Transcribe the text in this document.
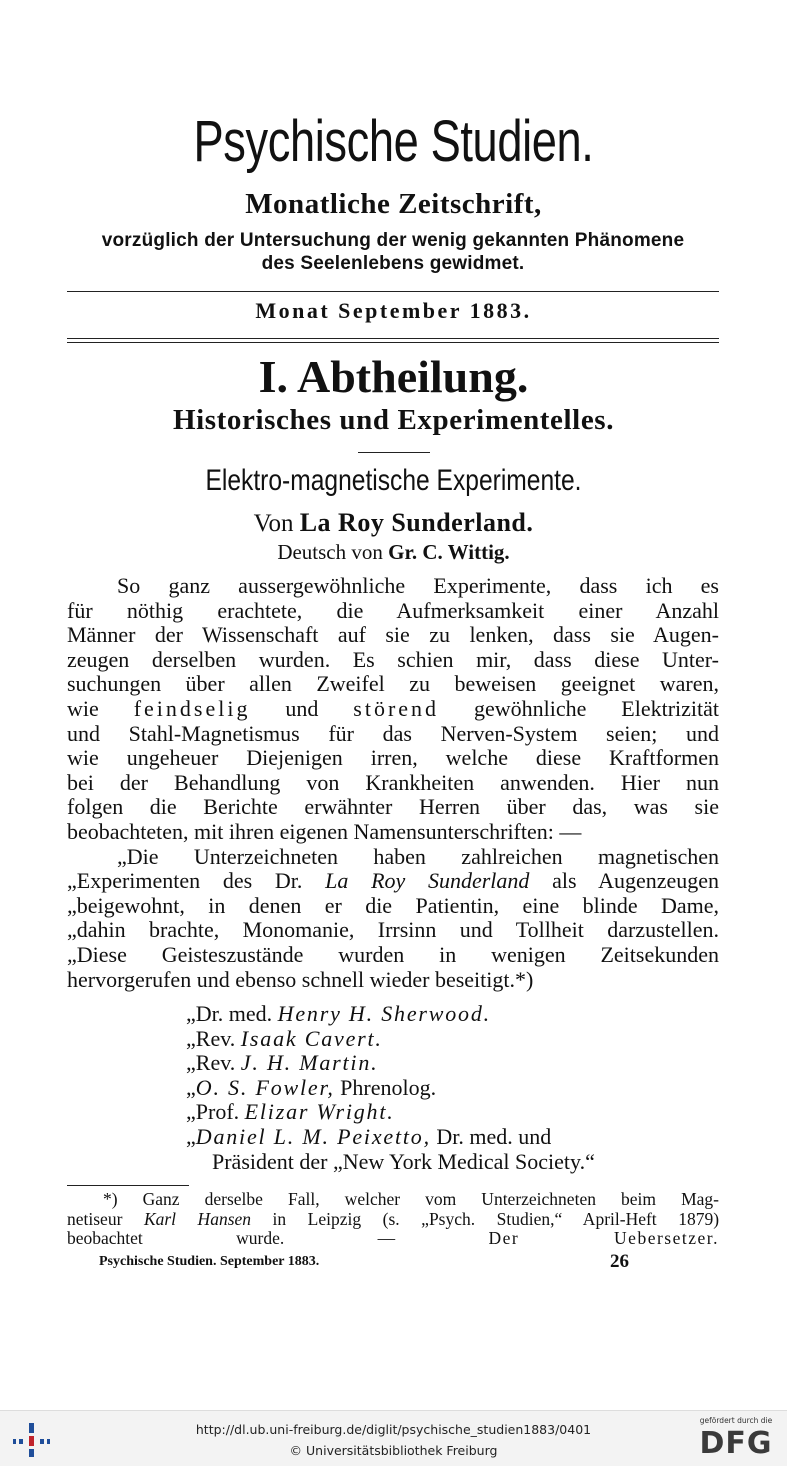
Psychische Studien.
Monatliche Zeitschrift,
vorzüglich der Untersuchung der wenig gekannten Phänomene
des Seelenlebens gewidmet.
Monat September 1883.
I. Abtheilung.
Historisches und Experimentelles.
Elektro-magnetische Experimente.
Von La Roy Sunderland.
Deutsch von Gr. C. Wittig.
So ganz aussergewöhnliche Experimente, dass ich es
für nöthig erachtete, die Aufmerksamkeit einer Anzahl
Männer der Wissenschaft auf sie zu lenken, dass sie Augen-
zeugen derselben wurden. Es schien mir, dass diese Unter-
suchungen über allen Zweifel zu beweisen geeignet waren,
wie feindselig und störend gewöhnliche Elektrizität
und Stahl-Magnetismus für das Nerven-System seien; und
wie ungeheuer Diejenigen irren, welche diese Kraftformen
bei der Behandlung von Krankheiten anwenden. Hier nun
folgen die Berichte erwähnter Herren über das, was sie
beobachteten, mit ihren eigenen Namensunterschriften: —
„Die Unterzeichneten haben zahlreichen magnetischen
„Experimenten des Dr. La Roy Sunderland als Augenzeugen
„beigewohnt, in denen er die Patientin, eine blinde Dame,
„dahin brachte, Monomanie, Irrsinn und Tollheit darzustellen.
„Diese Geisteszustände wurden in wenigen Zeitsekunden
hervorgerufen und ebenso schnell wieder beseitigt.*)
„Dr. med. Henry H. Sherwood.
„Rev. Isaak Cavert.
„Rev. J. H. Martin.
„O. S. Fowler, Phrenolog.
„Prof. Elizar Wright.
„Daniel L. M. Peixetto, Dr. med. und
Präsident der „New York Medical Society.“
*) Ganz derselbe Fall, welcher vom Unterzeichneten beim Mag-
netiseur Karl Hansen in Leipzig (s. „Psych. Studien,“ April-Heft 1879)
beobachtet wurde. —	Der Uebersetzer.
Psychische Studien. September 1883.	26
http://dl.ub.uni-freiburg.de/diglit/psychische_studien1883/0401
© Universitätsbibliothek Freiburg
gefördert durch die
DFG
